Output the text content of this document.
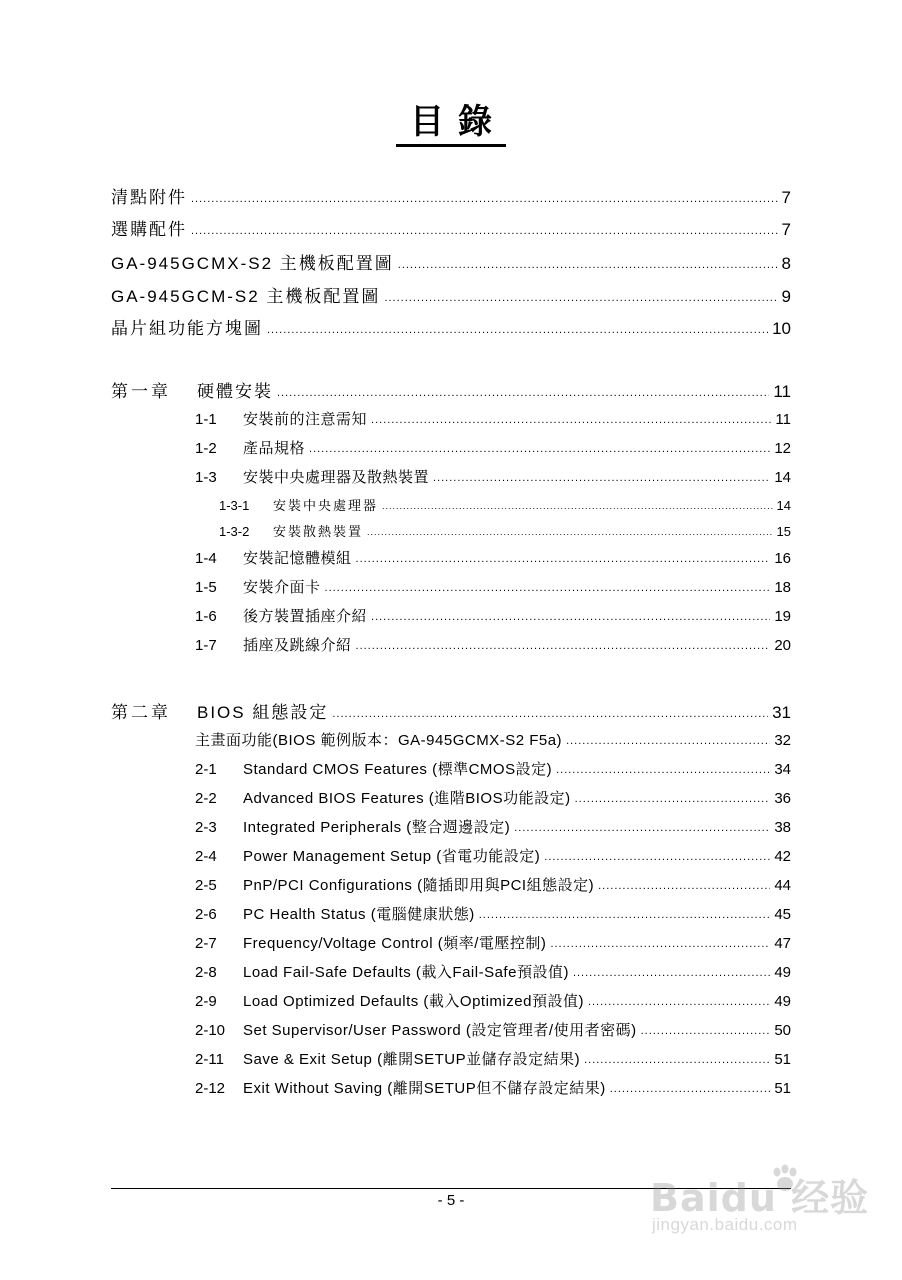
目錄
清點附件 .....	7
選購配件 .....	7
GA-945GCMX-S2 主機板配置圖 .....	8
GA-945GCM-S2 主機板配置圖 .....	9
晶片組功能方塊圖 .....	10
第一章	硬體安裝 .....	11
1-1	安裝前的注意需知 .....	11
1-2	產品規格 .....	12
1-3	安裝中央處理器及散熱裝置 .....	14
1-3-1	安裝中央處理器 .....	14
1-3-2	安裝散熱裝置 .....	15
1-4	安裝記憶體模組 .....	16
1-5	安裝介面卡 .....	18
1-6	後方裝置插座介紹 .....	19
1-7	插座及跳線介紹 .....	20
第二章	BIOS 組態設定 .....	31
主畫面功能(BIOS 範例版本：GA-945GCMX-S2 F5a) .....	32
2-1	Standard CMOS Features (標準CMOS設定) .....	34
2-2	Advanced BIOS Features (進階BIOS功能設定) .....	36
2-3	Integrated Peripherals (整合週邊設定) .....	38
2-4	Power Management Setup (省電功能設定) .....	42
2-5	PnP/PCI Configurations (隨插即用與PCI組態設定) .....	44
2-6	PC Health Status (電腦健康狀態) .....	45
2-7	Frequency/Voltage Control (頻率/電壓控制) .....	47
2-8	Load Fail-Safe Defaults (載入Fail-Safe預設值) .....	49
2-9	Load Optimized Defaults (載入Optimized預設值) .....	49
2-10	Set Supervisor/User Password (設定管理者/使用者密碼) .....	50
2-11	Save & Exit Setup (離開SETUP並儲存設定結果) .....	51
2-12	Exit Without Saving (離開SETUP但不儲存設定結果) .....	51
- 5 -	Baidu 经验
jingyan.baidu.com
